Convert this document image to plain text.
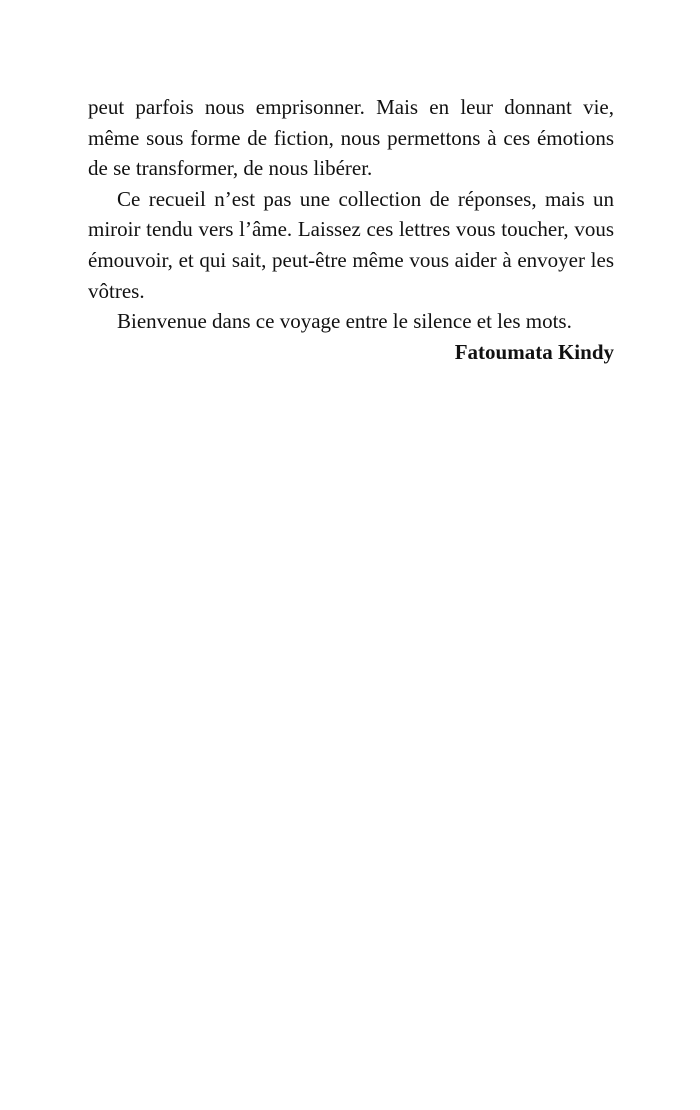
peut parfois nous emprisonner. Mais en leur donnant vie, même sous forme de fiction, nous permettons à ces émotions de se transformer, de nous libérer.

Ce recueil n’est pas une collection de réponses, mais un miroir tendu vers l’âme. Laissez ces lettres vous toucher, vous émouvoir, et qui sait, peut-être même vous aider à envoyer les vôtres.

Bienvenue dans ce voyage entre le silence et les mots.

Fatoumata Kindy
